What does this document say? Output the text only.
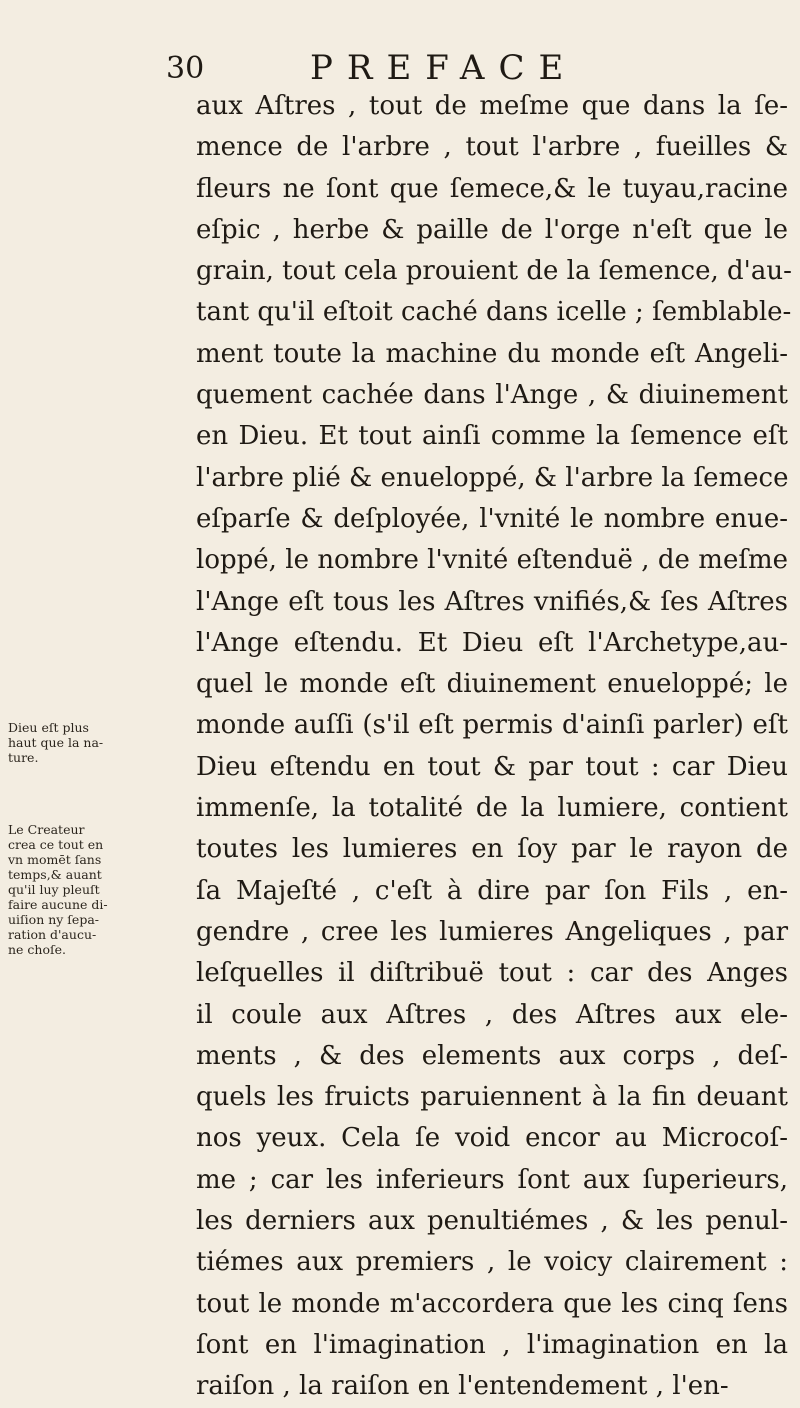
30	PREFACE
aux Aſtres , tout de meſme que dans la ſe-
mence de l'arbre , tout l'arbre , fueilles &
fleurs ne ſont que ſemece,& le tuyau,racine
eſpic , herbe & paille de l'orge n'eſt que le
grain, tout cela prouient de la ſemence, d'au-
tant qu'il eſtoit caché dans icelle ; ſemblable-
ment toute la machine du monde eſt Angeli-
quement cachée dans l'Ange , & diuinement
en Dieu. Et tout ainſi comme la ſemence eſt
l'arbre plié & enueloppé, & l'arbre la ſemece
eſparſe & deſployée, l'vnité le nombre enue-
loppé, le nombre l'vnité eſtenduë , de meſme
l'Ange eſt tous les Aſtres vnifiés,& ſes Aſtres
l'Ange eſtendu. Et Dieu eſt l'Archetype,au-
quel le monde eſt diuinement enueloppé; le
monde auſſi (s'il eſt permis d'ainſi parler) eſt
Dieu eſtendu en tout & par tout : car Dieu
immenſe, la totalité de la lumiere, contient
toutes les lumieres en ſoy par le rayon de
ſa Majeſté , c'eſt à dire par ſon Fils , en-
gendre , cree les lumieres Angeliques , par
leſquelles il diſtribuë tout : car des Anges
il coule aux Aſtres , des Aſtres aux ele-
ments , & des elements aux corps , deſ-
quels les fruicts paruiennent à la fin deuant
nos yeux. Cela ſe void encor au Microcoſ-
me ; car les inferieurs ſont aux ſuperieurs,
les derniers aux penultiémes , & les penul-
tiémes aux premiers , le voicy clairement :
tout le monde m'accordera que les cinq ſens
ſont en l'imagination , l'imagination en la
raiſon , la raiſon en l'entendement , l'en-
Dieu eſt plus
haut que la na-
ture.
Le Createur
crea ce tout en
vn momēt ſans
temps,& auant
qu'il luy pleuſt
faire aucune di-
uiſion ny ſepa-
ration d'aucu-
ne choſe.
